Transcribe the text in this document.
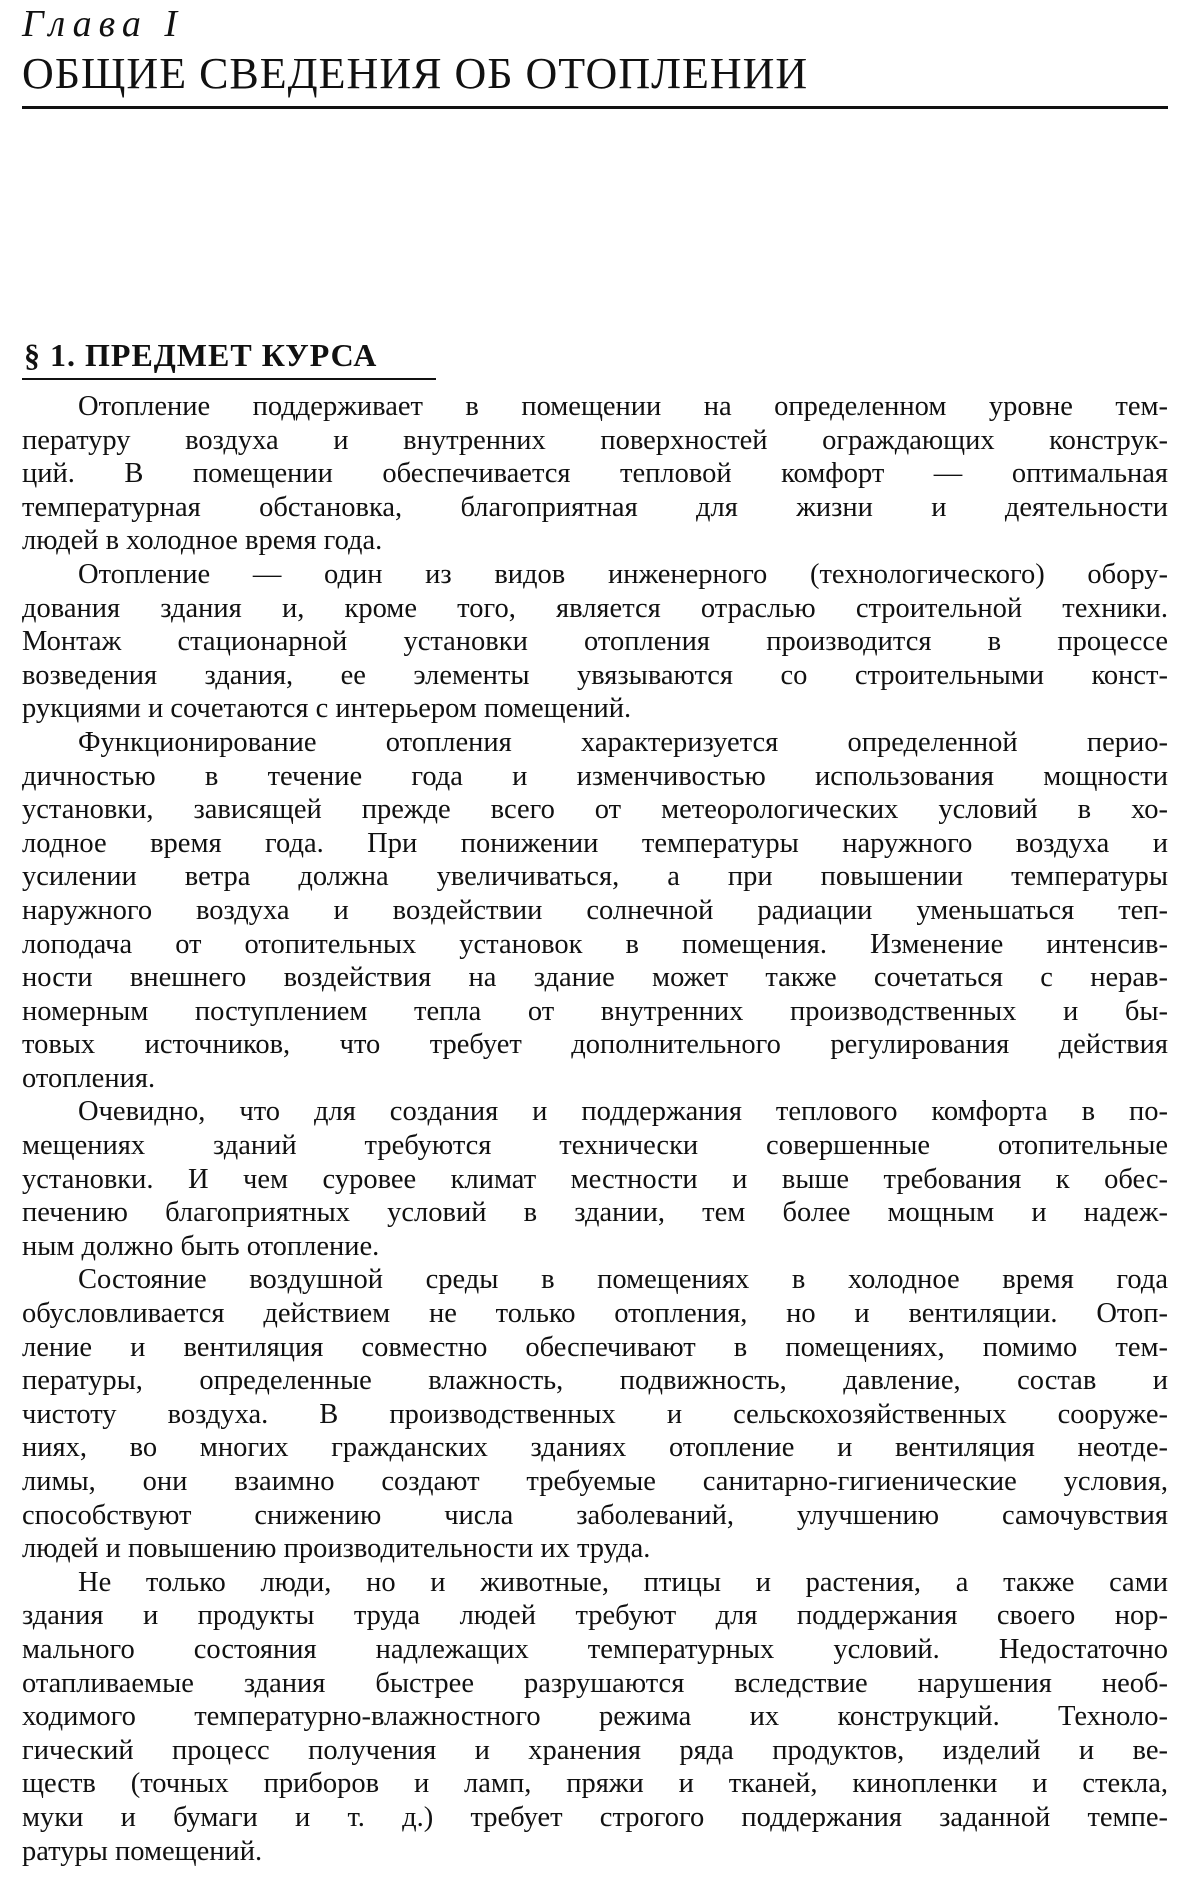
Глава I
ОБЩИЕ СВЕДЕНИЯ ОБ ОТОПЛЕНИИ
§ 1. ПРЕДМЕТ КУРСА
Отопление поддерживает в помещении на определенном уровне тем-
пературу воздуха и внутренних поверхностей ограждающих конструк-
ций. В помещении обеспечивается тепловой комфорт — оптимальная
температурная обстановка, благоприятная для жизни и деятельности
людей в холодное время года.
Отопление — один из видов инженерного (технологического) обору-
дования здания и, кроме того, является отраслью строительной техники.
Монтаж стационарной установки отопления производится в процессе
возведения здания, ее элементы увязываются со строительными конст-
рукциями и сочетаются с интерьером помещений.
Функционирование отопления характеризуется определенной перио-
дичностью в течение года и изменчивостью использования мощности
установки, зависящей прежде всего от метеорологических условий в хо-
лодное время года. При понижении температуры наружного воздуха и
усилении ветра должна увеличиваться, а при повышении температуры
наружного воздуха и воздействии солнечной радиации уменьшаться теп-
лоподача от отопительных установок в помещения. Изменение интенсив-
ности внешнего воздействия на здание может также сочетаться с нерав-
номерным поступлением тепла от внутренних производственных и бы-
товых источников, что требует дополнительного регулирования действия
отопления.
Очевидно, что для создания и поддержания теплового комфорта в по-
мещениях зданий требуются технически совершенные отопительные
установки. И чем суровее климат местности и выше требования к обес-
печению благоприятных условий в здании, тем более мощным и надеж-
ным должно быть отопление.
Состояние воздушной среды в помещениях в холодное время года
обусловливается действием не только отопления, но и вентиляции. Отоп-
ление и вентиляция совместно обеспечивают в помещениях, помимо тем-
пературы, определенные влажность, подвижность, давление, состав и
чистоту воздуха. В производственных и сельскохозяйственных сооруже-
ниях, во многих гражданских зданиях отопление и вентиляция неотде-
лимы, они взаимно создают требуемые санитарно-гигиенические условия,
способствуют снижению числа заболеваний, улучшению самочувствия
людей и повышению производительности их труда.
Не только люди, но и животные, птицы и растения, а также сами
здания и продукты труда людей требуют для поддержания своего нор-
мального состояния надлежащих температурных условий. Недостаточно
отапливаемые здания быстрее разрушаются вследствие нарушения необ-
ходимого температурно-влажностного режима их конструкций. Техноло-
гический процесс получения и хранения ряда продуктов, изделий и ве-
ществ (точных приборов и ламп, пряжи и тканей, кинопленки и стекла,
муки и бумаги и т. д.) требует строгого поддержания заданной темпе-
ратуры помещений.
